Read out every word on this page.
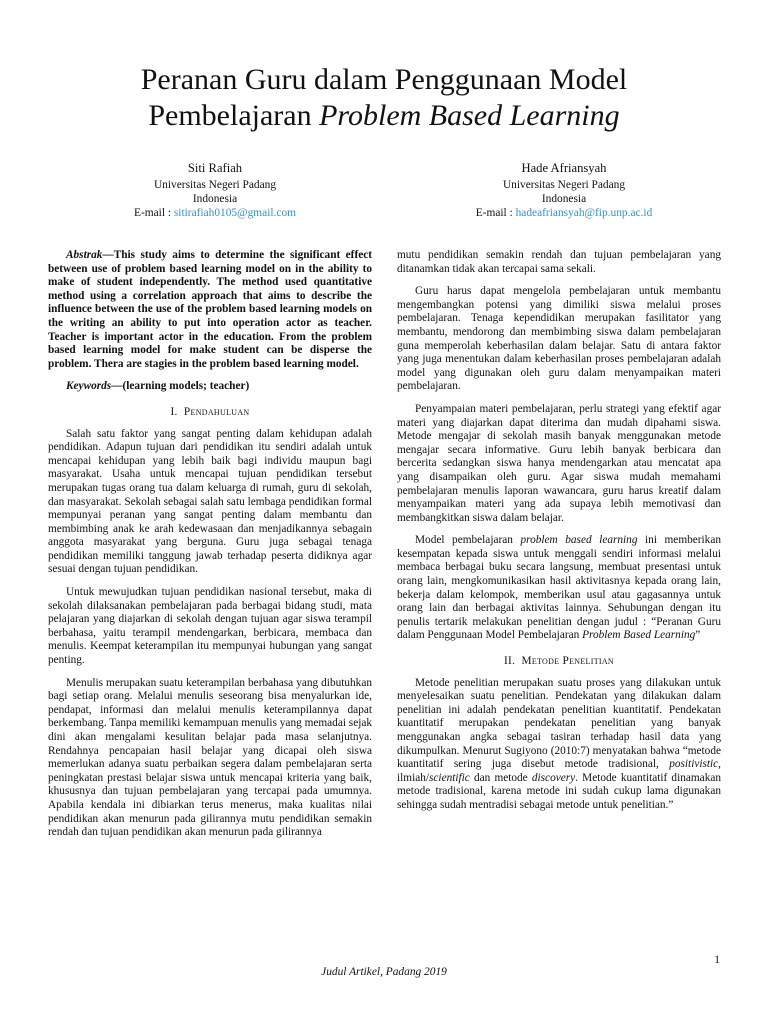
Peranan Guru dalam Penggunaan Model
Pembelajaran Problem Based Learning
Siti Rafiah
Universitas Negeri Padang
Indonesia
E-mail : sitirafiah0105@gmail.com
Hade Afriansyah
Universitas Negeri Padang
Indonesia
E-mail : hadeafriansyah@fip.unp.ac.id

Abstrak—This study aims to determine the significant effect between use of problem based learning model on in the ability to make of student independently. The method used quantitative method using a correlation approach that aims to describe the influence between the use of the problem based learning models on the writing an ability to put into operation actor as teacher. Teacher is important actor in the education. From the problem based learning model for make student can be disperse the problem. Thera are stagies in the problem based learning model.

Keywords—(learning models; teacher)

I. Pendahuluan

Salah satu faktor yang sangat penting dalam kehidupan adalah pendidikan. Adapun tujuan dari pendidikan itu sendiri adalah untuk mencapai kehidupan yang lebih baik bagi individu maupun bagi masyarakat. Usaha untuk mencapai tujuan pendidikan tersebut merupakan tugas orang tua dalam keluarga di rumah, guru di sekolah, dan masyarakat. Sekolah sebagai salah satu lembaga pendidikan formal mempunyai peranan yang sangat penting dalam membantu dan membimbing anak ke arah kedewasaan dan menjadikannya sebagain anggota masyarakat yang berguna. Guru juga sebagai tenaga pendidikan memiliki tanggung jawab terhadap peserta didiknya agar sesuai dengan tujuan pendidikan.

Untuk mewujudkan tujuan pendidikan nasional tersebut, maka di sekolah dilaksanakan pembelajaran pada berbagai bidang studi, mata pelajaran yang diajarkan di sekolah dengan tujuan agar siswa terampil berbahasa, yaitu terampil mendengarkan, berbicara, membaca dan menulis. Keempat keterampilan itu mempunyai hubungan yang sangat penting.

Menulis merupakan suatu keterampilan berbahasa yang dibutuhkan bagi setiap orang. Melalui menulis seseorang bisa menyalurkan ide, pendapat, informasi dan melalui menulis keterampilannya dapat berkembang. Tanpa memiliki kemampuan menulis yang memadai sejak dini akan mengalami kesulitan belajar pada masa selanjutnya. Rendahnya pencapaian hasil belajar yang dicapai oleh siswa memerlukan adanya suatu perbaikan segera dalam pembelajaran serta peningkatan prestasi belajar siswa untuk mencapai kriteria yang baik, khususnya dan tujuan pembelajaran yang tercapai pada umumnya. Apabila kendala ini dibiarkan terus menerus, maka kualitas nilai pendidikan akan menurun pada gilirannya mutu pendidikan semakin rendah dan tujuan pendidikan akan menurun pada gilirannya

mutu pendidikan semakin rendah dan tujuan pembelajaran yang ditanamkan tidak akan tercapai sama sekali.

Guru harus dapat mengelola pembelajaran untuk membantu mengembangkan potensi yang dimiliki siswa melalui proses pembelajaran. Tenaga kependidikan merupakan fasilitator yang membantu, mendorong dan membimbing siswa dalam pembelajaran guna memperolah keberhasilan dalam belajar. Satu di antara faktor yang juga menentukan dalam keberhasilan proses pembelajaran adalah model yang digunakan oleh guru dalam menyampaikan materi pembelajaran.

Penyampaian materi pembelajaran, perlu strategi yang efektif agar materi yang diajarkan dapat diterima dan mudah dipahami siswa. Metode mengajar di sekolah masih banyak menggunakan metode mengajar secara informative. Guru lebih banyak berbicara dan bercerita sedangkan siswa hanya mendengarkan atau mencatat apa yang disampaikan oleh guru. Agar siswa mudah memahami pembelajaran menulis laporan wawancara, guru harus kreatif dalam menyampaikan materi yang ada supaya lebih memotivasi dan membangkitkan siswa dalam belajar.

Model pembelajaran problem based learning ini memberikan kesempatan kepada siswa untuk menggali sendiri informasi melalui membaca berbagai buku secara langsung, membuat presentasi untuk orang lain, mengkomunikasikan hasil aktivitasnya kepada orang lain, bekerja dalam kelompok, memberikan usul atau gagasannya untuk orang lain dan berbagai aktivitas lainnya. Sehubungan dengan itu penulis tertarik melakukan penelitian dengan judul : “Peranan Guru dalam Penggunaan Model Pembelajaran Problem Based Learning”

II. Metode Penelitian

Metode penelitian merupakan suatu proses yang dilakukan untuk menyelesaikan suatu penelitian. Pendekatan yang dilakukan dalam penelitian ini adalah pendekatan penelitian kuantitatif. Pendekatan kuantitatif merupakan pendekatan penelitian yang banyak menggunakan angka sebagai tasiran terhadap hasil data yang dikumpulkan. Menurut Sugiyono (2010:7) menyatakan bahwa “metode kuantitatif sering juga disebut metode tradisional, positivistic, ilmiah/scientific dan metode discovery. Metode kuantitatif dinamakan metode tradisional, karena metode ini sudah cukup lama digunakan sehingga sudah mentradisi sebagai metode untuk penelitian.”

1
Judul Artikel, Padang 2019
